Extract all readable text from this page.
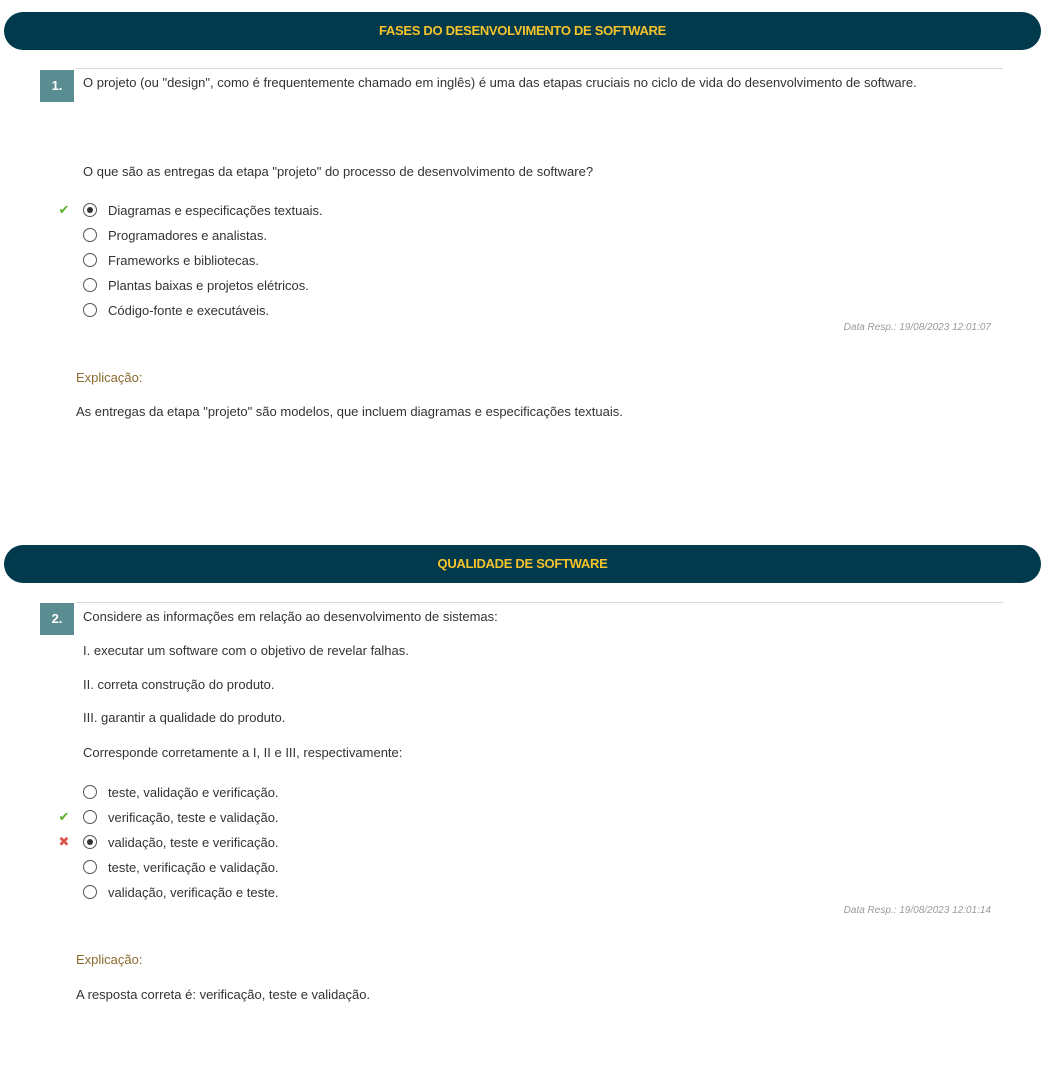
FASES DO DESENVOLVIMENTO DE SOFTWARE
1.	O projeto (ou "design", como é frequentemente chamado em inglês) é uma das etapas cruciais no ciclo de vida do desenvolvimento de software.
O que são as entregas da etapa "projeto" do processo de desenvolvimento de software?
✔	Diagramas e especificações textuais.
Programadores e analistas.
Frameworks e bibliotecas.
Plantas baixas e projetos elétricos.
Código-fonte e executáveis.
Data Resp.: 19/08/2023 12:01:07
Explicação:
As entregas da etapa "projeto" são modelos, que incluem diagramas e especificações textuais.
QUALIDADE DE SOFTWARE
2.	Considere as informações em relação ao desenvolvimento de sistemas:
I. executar um software com o objetivo de revelar falhas.
II. correta construção do produto.
III. garantir a qualidade do produto.
Corresponde corretamente a I, II e III, respectivamente:
teste, validação e verificação.
✔	verificação, teste e validação.
✖	validação, teste e verificação.
teste, verificação e validação.
validação, verificação e teste.
Data Resp.: 19/08/2023 12:01:14
Explicação:
A resposta correta é: verificação, teste e validação.
